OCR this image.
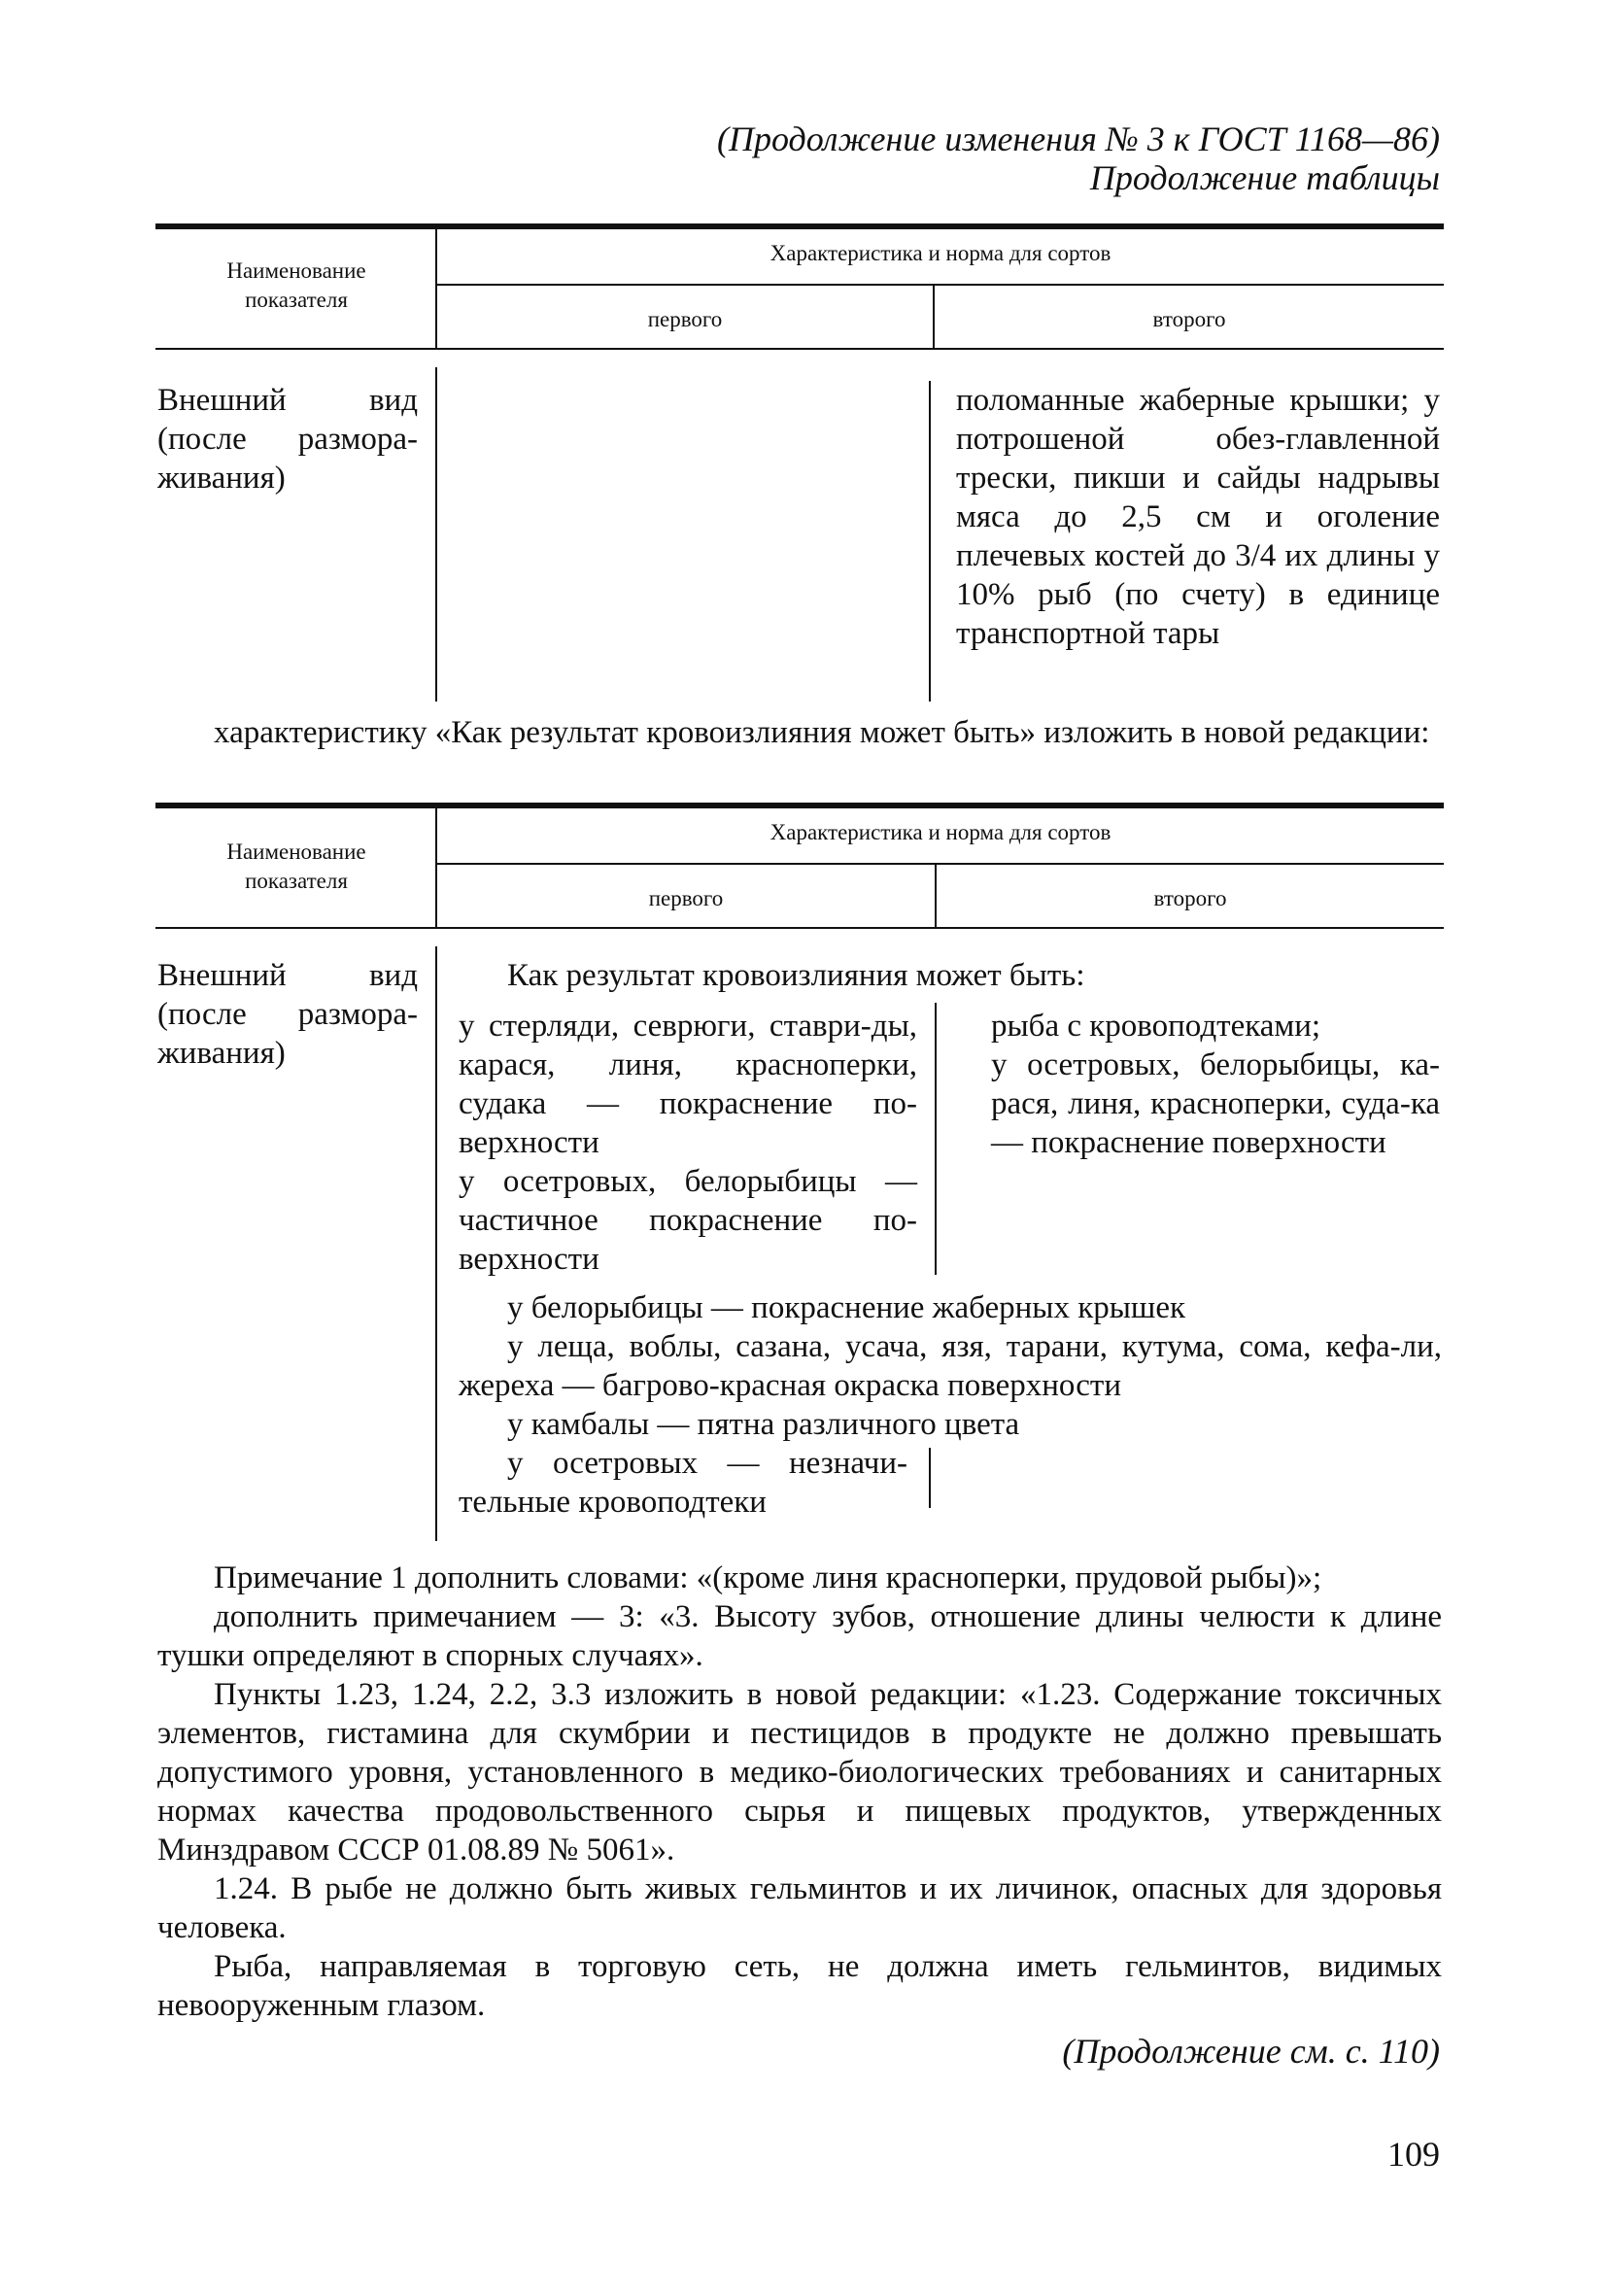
(Продолжение изменения № 3 к ГОСТ 1168—86)
Продолжение таблицы
Наименование показателя
Характеристика и норма для сортов
первого	второго
Внешний вид (после размора-живания)
поломанные жаберные крышки; у потрошеной обез-главленной трески, пикши и сайды надрывы мяса до 2,5 см и оголение плечевых костей до 3/4 их длины у 10% рыб (по счету) в единице транспортной тары
характеристику «Как результат кровоизлияния может быть» изложить в новой редакции:
Наименование показателя
Характеристика и норма для сортов
первого	второго
Внешний вид (после размора-живания)
Как результат кровоизлияния может быть:
у стерляди, севрюги, ставри-ды, карася, линя, красноперки, судака — покраснение по-верхности
у осетровых, белорыбицы — частичное покраснение по-верхности
рыба с кровоподтеками;
у осетровых, белорыбицы, ка-рася, линя, красноперки, суда-ка — покраснение поверхности
у белорыбицы — покраснение жаберных крышек
у леща, воблы, сазана, усача, язя, тарани, кутума, сома, кефа-ли, жереха — багрово-красная окраска поверхности
у камбалы — пятна различного цвета
у осетровых — незначи-тельные кровоподтеки
Примечание 1 дополнить словами: «(кроме линя красноперки, прудовой рыбы)»;
дополнить примечанием — 3: «3. Высоту зубов, отношение длины челюсти к длине тушки определяют в спорных случаях».
Пункты 1.23, 1.24, 2.2, 3.3 изложить в новой редакции: «1.23. Содержание токсичных элементов, гистамина для скумбрии и пестицидов в продукте не должно превышать допустимого уровня, установленного в медико-биологических требованиях и санитарных нормах качества продовольственного сырья и пищевых продуктов, утвержденных Минздравом СССР 01.08.89 № 5061».
1.24. В рыбе не должно быть живых гельминтов и их личинок, опасных для здоровья человека.
Рыба, направляемая в торговую сеть, не должна иметь гельминтов, видимых невооруженным глазом.
(Продолжение см. с. 110)
109
